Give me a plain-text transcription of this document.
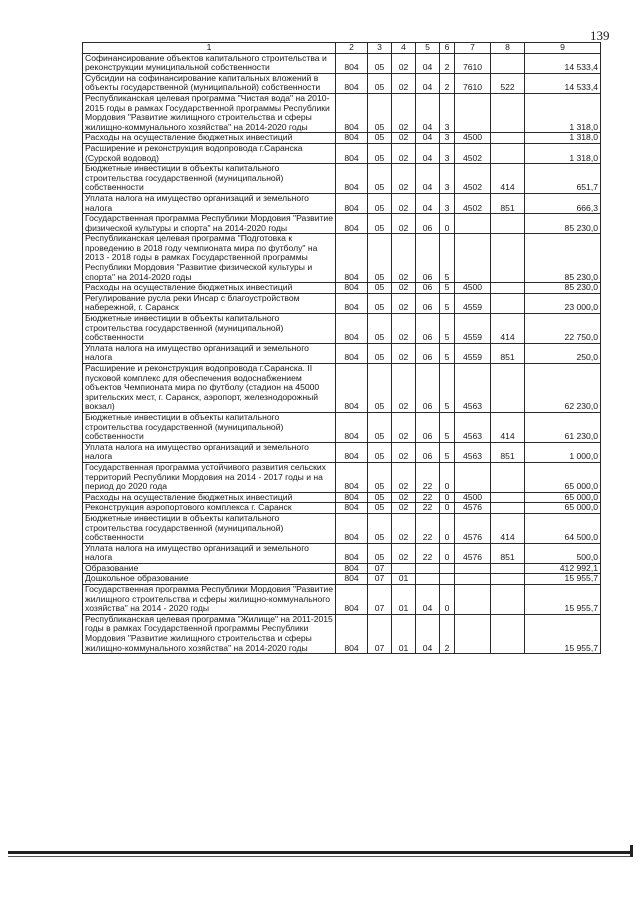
139
1	2	3	4	5	6	7	8	9
Софинансирование объектов капитального строительства и реконструкции муниципальной собственности	804	05	02	04	2	7610		14 533,4
Субсидии на софинансирование капитальных вложений в объекты государственной (муниципальной) собственности	804	05	02	04	2	7610	522	14 533,4
Республиканская целевая программа "Чистая вода" на 2010-2015 годы в рамках Государственной программы Республики Мордовия "Развитие жилищного строительства и сферы жилищно-коммунального хозяйства" на 2014-2020 годы	804	05	02	04	3			1 318,0
Расходы на осуществление бюджетных инвестиций	804	05	02	04	3	4500		1 318,0
Расширение и реконструкция водопровода г.Саранска (Сурской водовод)	804	05	02	04	3	4502		1 318,0
Бюджетные инвестиции в объекты капитального строительства государственной (муниципальной) собственности	804	05	02	04	3	4502	414	651,7
Уплата налога на имущество организаций и земельного налога	804	05	02	04	3	4502	851	666,3
Государственная программа Республики Мордовия "Развитие физической культуры и спорта" на 2014-2020 годы	804	05	02	06	0			85 230,0
Республиканская целевая программа "Подготовка к проведению в 2018 году чемпионата мира по футболу" на 2013 - 2018 годы в рамках Государственной программы Республики Мордовия "Развитие физической культуры и спорта" на 2014-2020 годы	804	05	02	06	5			85 230,0
Расходы на осуществление бюджетных инвестиций	804	05	02	06	5	4500		85 230,0
Регулирование русла реки Инсар с благоустройством набережной, г. Саранск	804	05	02	06	5	4559		23 000,0
Бюджетные инвестиции в объекты капитального строительства государственной (муниципальной) собственности	804	05	02	06	5	4559	414	22 750,0
Уплата налога на имущество организаций и земельного налога	804	05	02	06	5	4559	851	250,0
Расширение и реконструкция водопровода г.Саранска. II пусковой комплекс для обеспечения водоснабжением объектов Чемпионата мира по футболу (стадион на 45000 зрительских мест, г. Саранск, аэропорт, железнодорожный вокзал)	804	05	02	06	5	4563		62 230,0
Бюджетные инвестиции в объекты капитального строительства государственной (муниципальной) собственности	804	05	02	06	5	4563	414	61 230,0
Уплата налога на имущество организаций и земельного налога	804	05	02	06	5	4563	851	1 000,0
Государственная программа устойчивого развития сельских территорий Республики Мордовия на 2014 - 2017 годы и на период до 2020 года	804	05	02	22	0			65 000,0
Расходы на осуществление бюджетных инвестиций	804	05	02	22	0	4500		65 000,0
Реконструкция аэропортового комплекса г. Саранск	804	05	02	22	0	4576		65 000,0
Бюджетные инвестиции в объекты капитального строительства государственной (муниципальной) собственности	804	05	02	22	0	4576	414	64 500,0
Уплата налога на имущество организаций и земельного налога	804	05	02	22	0	4576	851	500,0
Образование	804	07						412 992,1
Дошкольное образование	804	07	01					15 955,7
Государственная программа Республики Мордовия "Развитие жилищного строительства и сферы жилищно-коммунального хозяйства" на 2014 - 2020 годы	804	07	01	04	0			15 955,7
Республиканская целевая программа "Жилище" на 2011-2015 годы в рамках Государственной программы Республики Мордовия "Развитие жилищного строительства и сферы жилищно-коммунального хозяйства" на 2014-2020 годы	804	07	01	04	2			15 955,7
